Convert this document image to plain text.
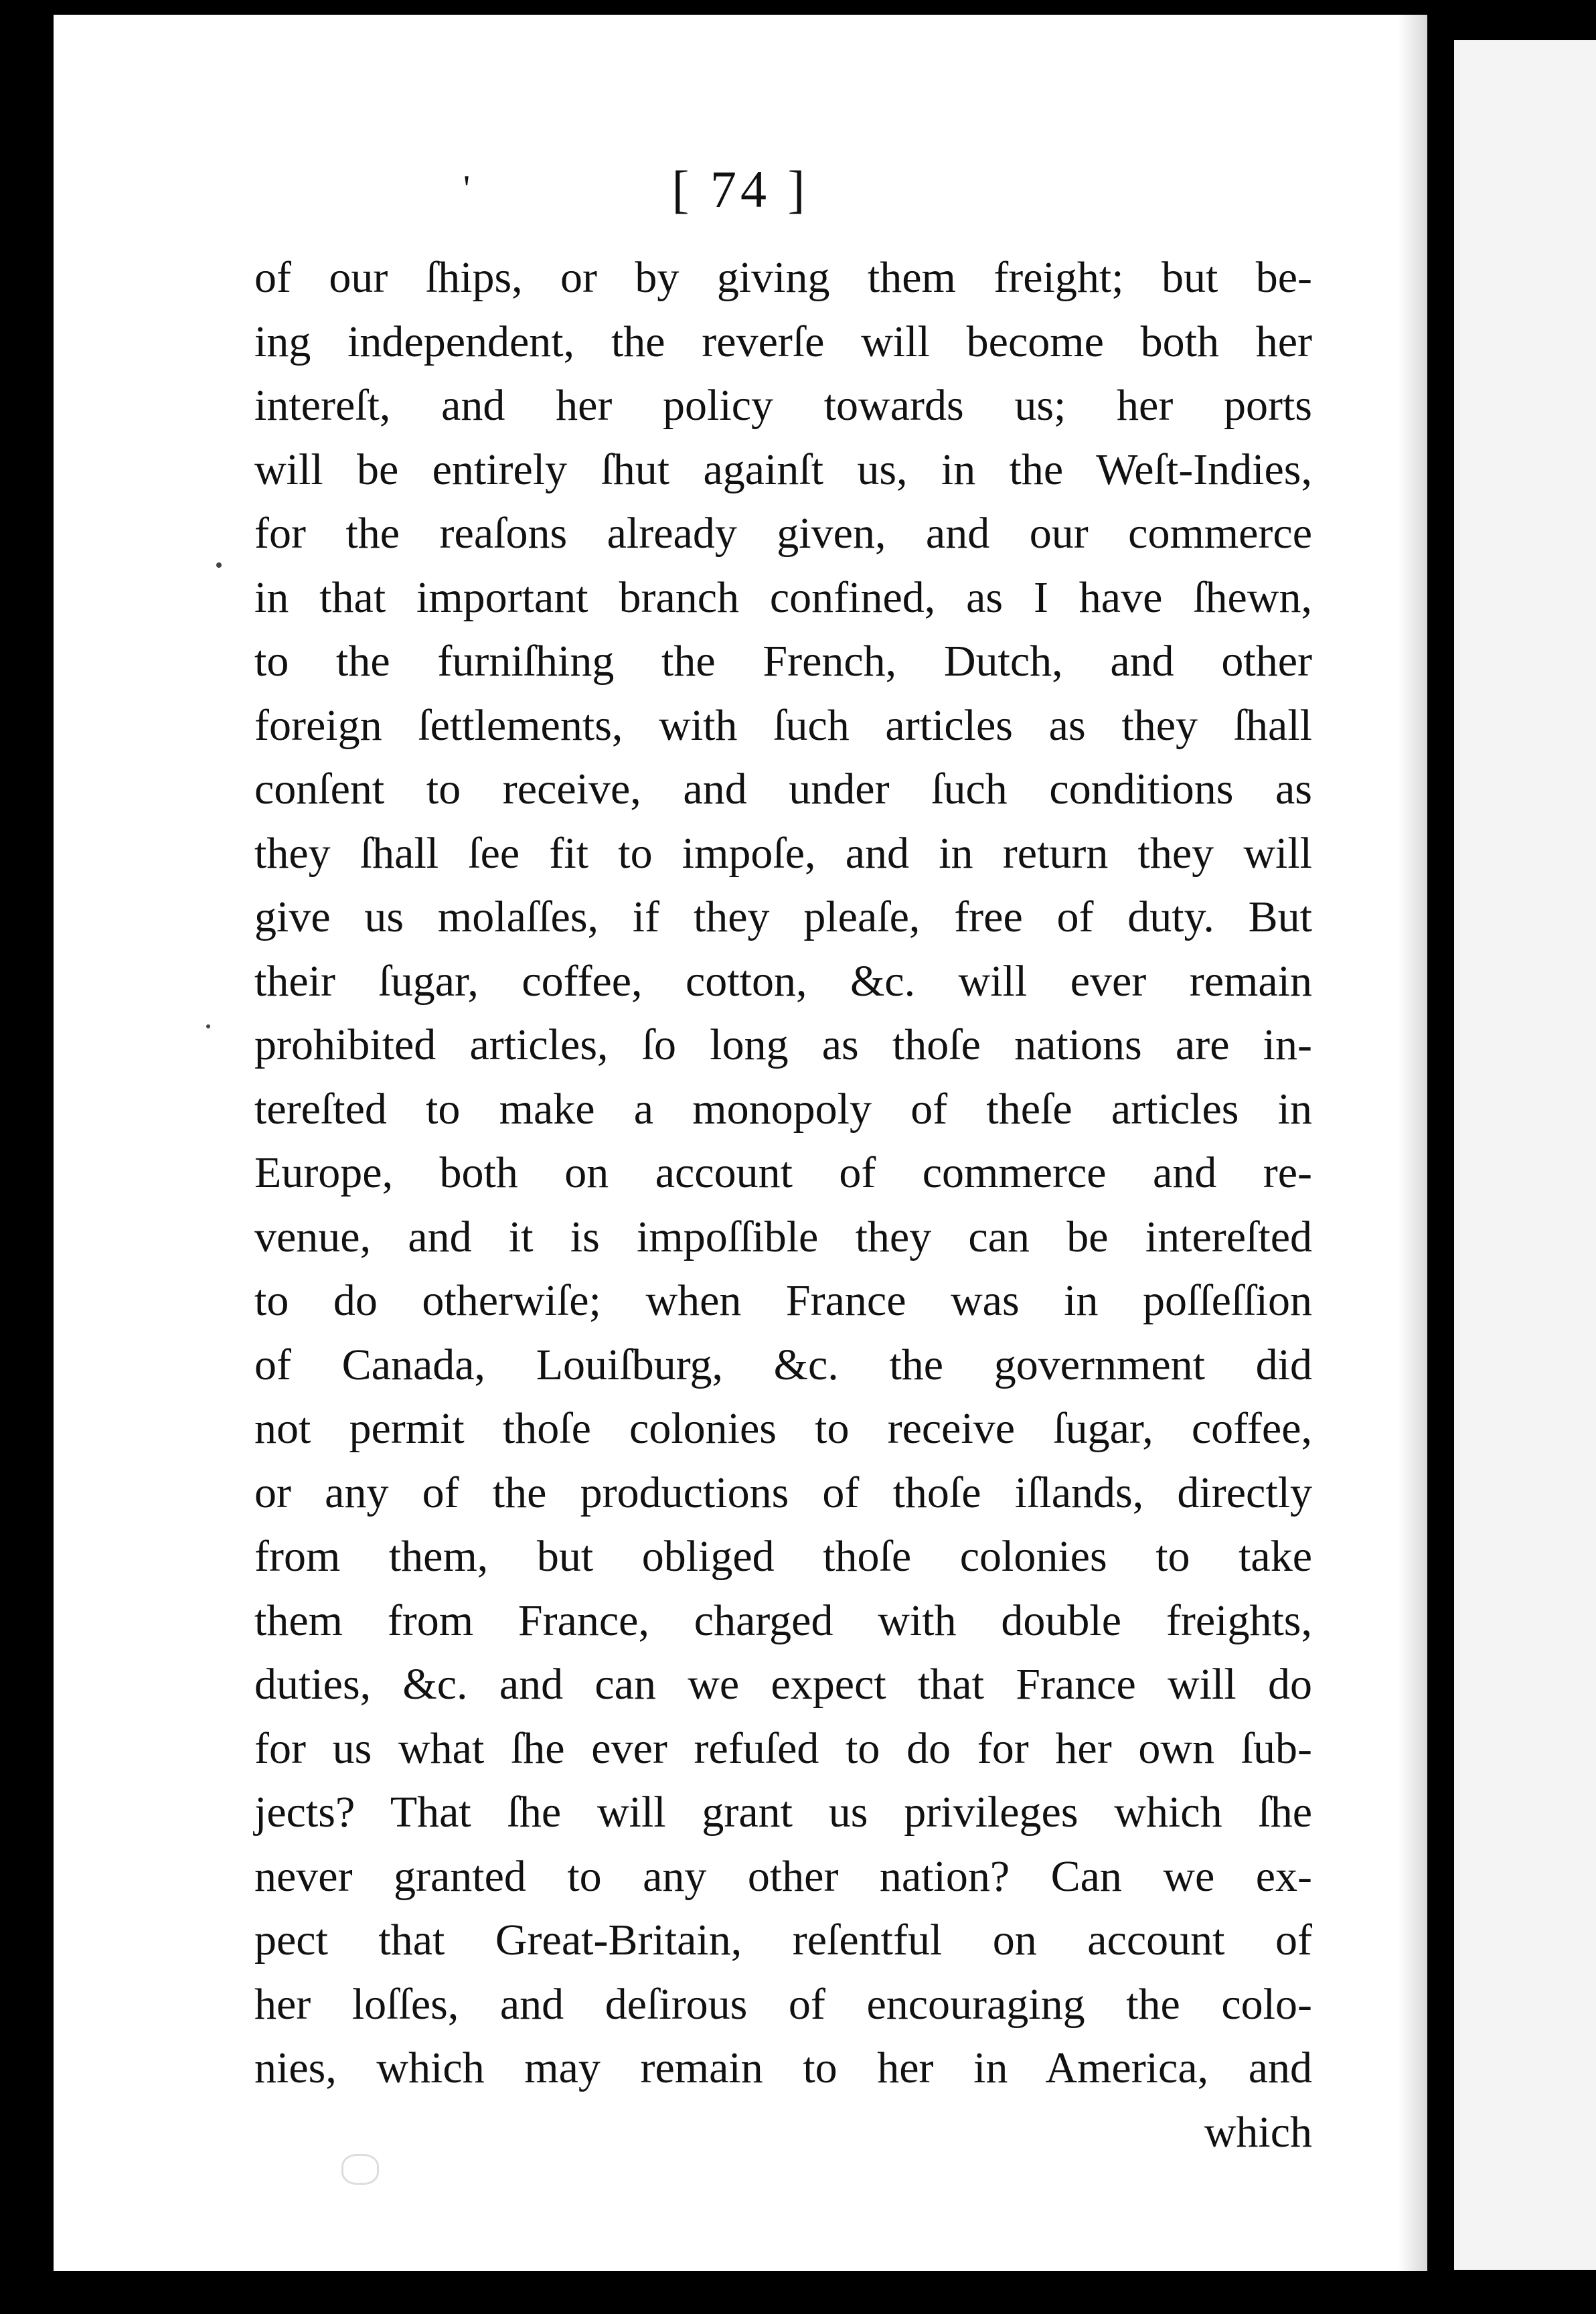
'	[ 74 ]
of our ſhips, or by giving them freight; but be-
ing independent, the reverſe will become both her
intereſt, and her policy towards us; her ports
will be entirely ſhut againſt us, in the Weſt-Indies,
for the reaſons already given, and our commerce
in that important branch confined, as I have ſhewn,
to the furniſhing the French, Dutch, and other
foreign ſettlements, with ſuch articles as they ſhall
conſent to receive, and under ſuch conditions as
they ſhall ſee fit to impoſe, and in return they will
give us molaſſes, if they pleaſe, free of duty. But
their ſugar, coffee, cotton, &c. will ever remain
prohibited articles, ſo long as thoſe nations are in-
tereſted to make a monopoly of theſe articles in
Europe, both on account of commerce and re-
venue, and it is impoſſible they can be intereſted
to do otherwiſe; when France was in poſſeſſion
of Canada, Louiſburg, &c. the government did
not permit thoſe colonies to receive ſugar, coffee,
or any of the productions of thoſe iſlands, directly
from them, but obliged thoſe colonies to take
them from France, charged with double freights,
duties, &c. and can we expect that France will do
for us what ſhe ever refuſed to do for her own ſub-
jects? That ſhe will grant us privileges which ſhe
never granted to any other nation? Can we ex-
pect that Great-Britain, reſentful on account of
her loſſes, and deſirous of encouraging the colo-
nies, which may remain to her in America, and
which
